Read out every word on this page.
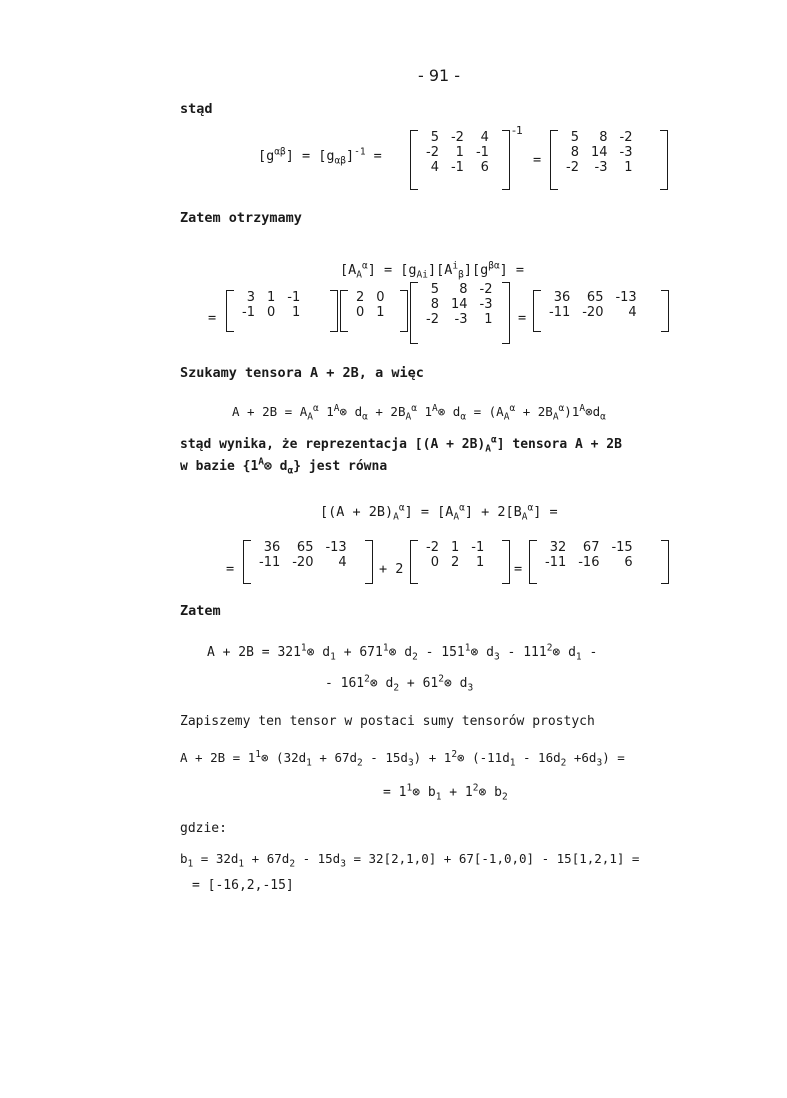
- 91 -
stąd
$[g^{\alpha\beta}] = [g_{\alpha\beta}]^{-1}$ =
5	-2	4
-2	1	-1
4	-1	6
-1
=
5	8	-2
8	14	-3
-2	-3	1
Zatem otrzymamy
$[A_A^\alpha] = [g_{Ai}][A^i_\beta][g^{\beta\alpha}]$ =
=
3	1	-1
-1	0	1
2	0
0	1
5	8	-2
8	14	-3
-2	-3	1 =
36	65	-13
-11	-20	4
Szukamy tensora A + 2B, a więc
$A + 2B = A_A^\alpha$ $1^A\otimes$ $d_\alpha + 2B_A^\alpha$ $1^A\otimes$ $d_\alpha = (A_A^\alpha$ + $2B_A^\alpha)1^A\otimes d_\alpha$
stąd wynika, że reprezentacja $[(A + 2B)_A^\alpha]$ tensora A + 2B
w bazie {$1^A\otimes$ $d_\alpha$} jest równa
$[(A + 2B)_A^\alpha] = [A_A^\alpha] + 2[B_A^\alpha]$ =
=
36	65	-13
-11	-20	4 + 2
-2	1	-1
0	2	1 =
32	67	-15
-11	-16	6
Zatem
$A + 2B = 321^1\otimes$ $d_1$ + $671^1\otimes$ $d_2$ - $151^1\otimes$ $d_3$ - $111^2\otimes$ $d_1$ -
- $161^2\otimes$ $d_2$ + $61^2\otimes$ $d_3$
Zapiszemy ten tensor w postaci sumy tensorów prostych
$A + 2B = 1^1\otimes$ $(32d_1 + 67d_2 - 15d_3)$ + $1^2\otimes$ $(-11d_1 - 16d_2 +6d_3)$ =
= $1^1\otimes$ $b_1$ + $1^2\otimes$ $b_2$
gdzie:
$b_1 = 32d_1 + 67d_2 - 15d_3 = 32[2,1,0] + 67[-1,0,0] - 15[1,2,1]$ =
= [-16,2,-15]
